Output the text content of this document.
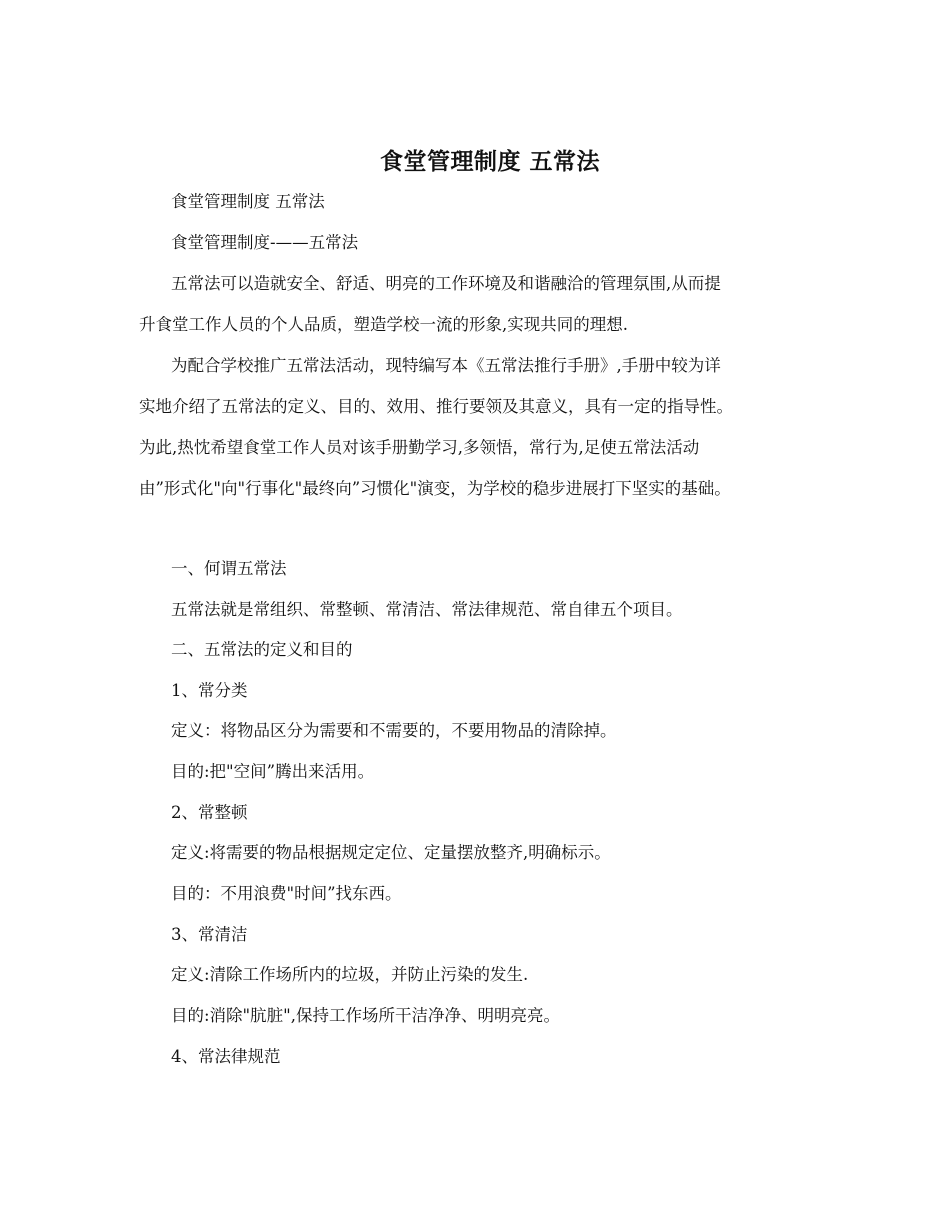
食堂管理制度 五常法
食堂管理制度 五常法
食堂管理制度-——五常法
五常法可以造就安全、舒适、明亮的工作环境及和谐融洽的管理氛围,从而提
升食堂工作人员的个人品质，塑造学校一流的形象,实现共同的理想.
为配合学校推广五常法活动，现特编写本《五常法推行手册》,手册中较为详
实地介绍了五常法的定义、目的、效用、推行要领及其意义，具有一定的指导性。
为此,热忱希望食堂工作人员对该手册勤学习,多领悟，常行为,足使五常法活动
由”形式化"向"行事化"最终向”习惯化"演变，为学校的稳步进展打下坚实的基础。
一、何谓五常法
五常法就是常组织、常整顿、常清洁、常法律规范、常自律五个项目。
二、五常法的定义和目的
1、常分类
定义：将物品区分为需要和不需要的，不要用物品的清除掉。
目的:把"空间”腾出来活用。
2、常整顿
定义:将需要的物品根据规定定位、定量摆放整齐,明确标示。
目的：不用浪费"时间”找东西。
3、常清洁
定义:清除工作场所内的垃圾，并防止污染的发生.
目的:消除"肮脏",保持工作场所干洁净净、明明亮亮。
4、常法律规范
